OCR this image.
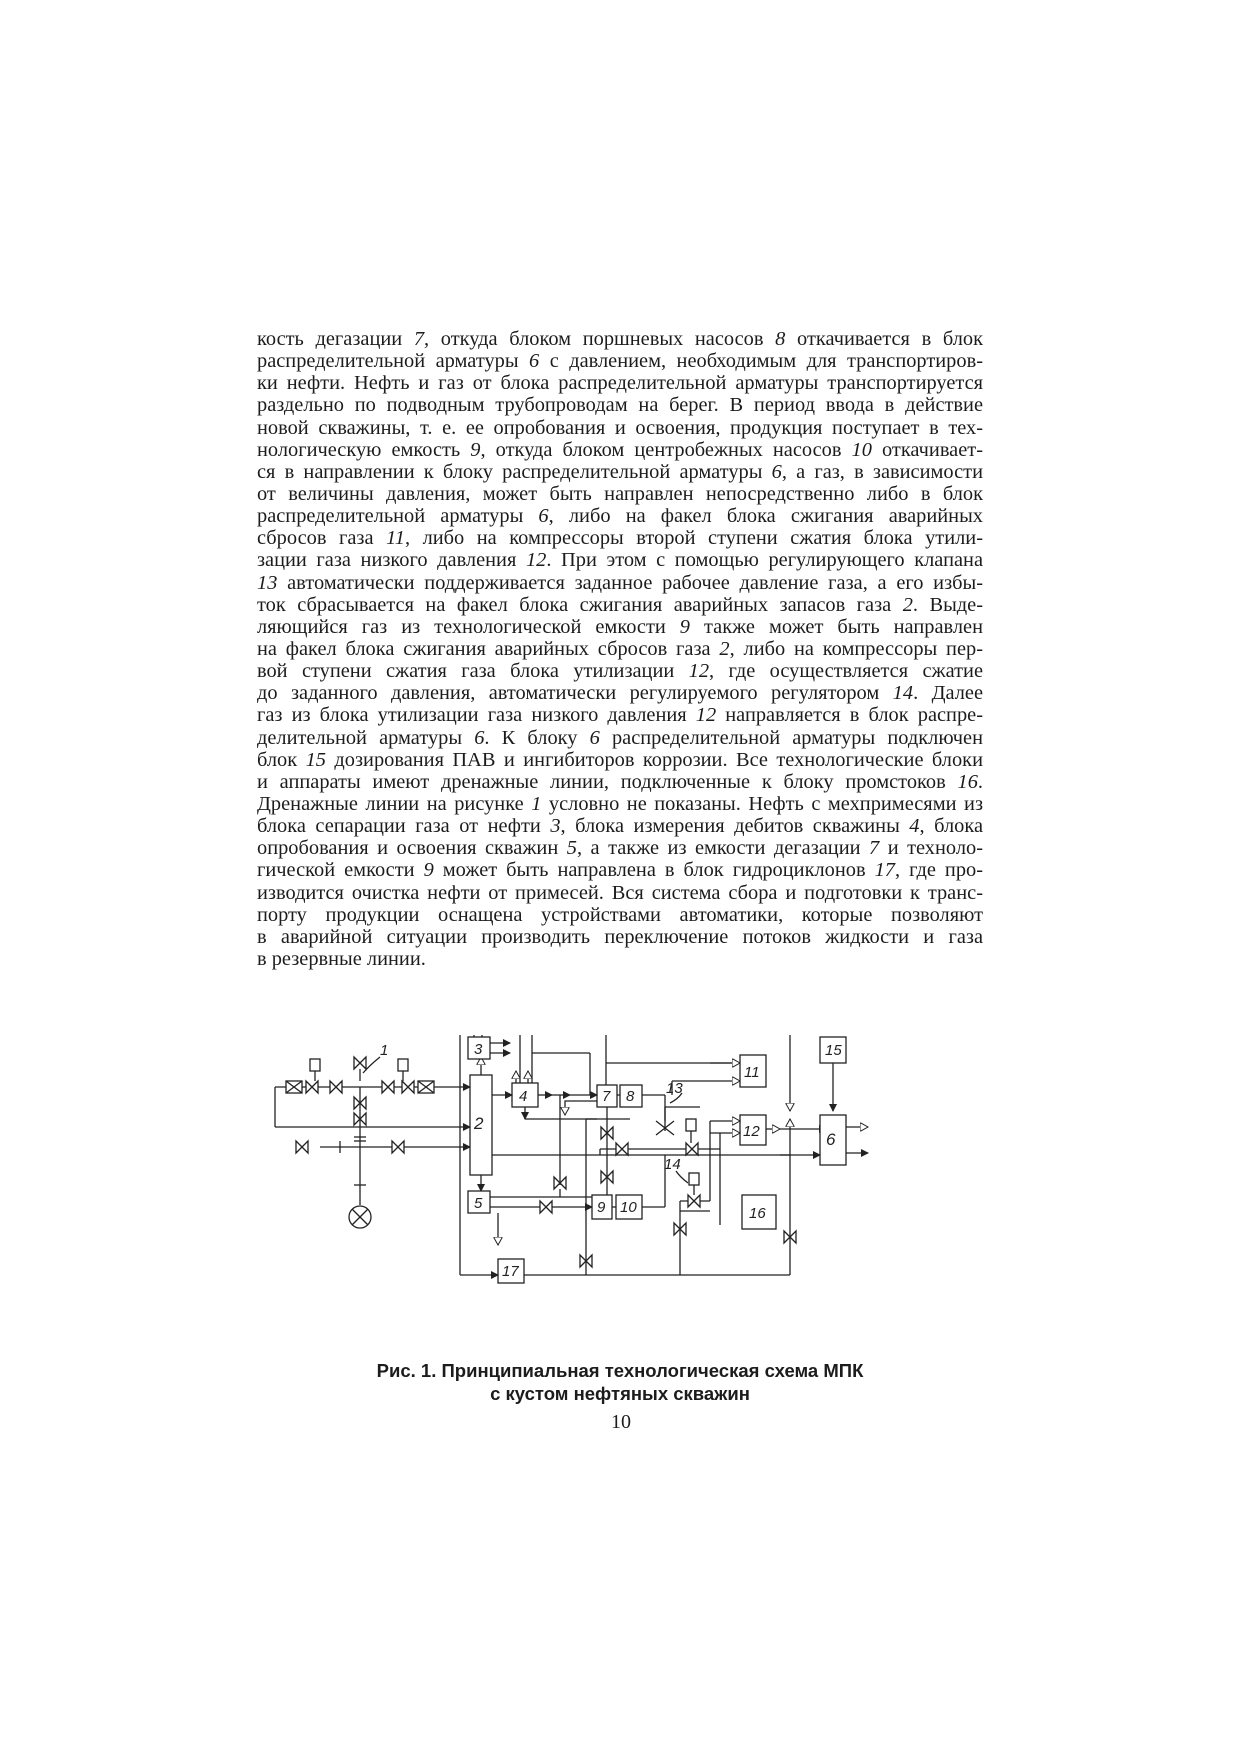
кость дегазации 7, откуда блоком поршневых насосов 8 откачивается в блок
распределительной арматуры 6 с давлением, необходимым для транспортиров-
ки нефти. Нефть и газ от блока распределительной арматуры транспортируется
раздельно по подводным трубопроводам на берег. В период ввода в действие
новой скважины, т. е. ее опробования и освоения, продукция поступает в тех-
нологическую емкость 9, откуда блоком центробежных насосов 10 откачивает-
ся в направлении к блоку распределительной арматуры 6, а газ, в зависимости
от величины давления, может быть направлен непосредственно либо в блок
распределительной арматуры 6, либо на факел блока сжигания аварийных
сбросов газа 11, либо на компрессоры второй ступени сжатия блока утили-
зации газа низкого давления 12. При этом с помощью регулирующего клапана
13 автоматически поддерживается заданное рабочее давление газа, а его избы-
ток сбрасывается на факел блока сжигания аварийных запасов газа 2. Выде-
ляющийся газ из технологической емкости 9 также может быть направлен
на факел блока сжигания аварийных сбросов газа 2, либо на компрессоры пер-
вой ступени сжатия газа блока утилизации 12, где осуществляется сжатие
до заданного давления, автоматически регулируемого регулятором 14. Далее
газ из блока утилизации газа низкого давления 12 направляется в блок распре-
делительной арматуры 6. К блоку 6 распределительной арматуры подключен
блок 15 дозирования ПАВ и ингибиторов коррозии. Все технологические блоки
и аппараты имеют дренажные линии, подключенные к блоку промстоков 16.
Дренажные линии на рисунке 1 условно не показаны. Нефть с мехпримесями из
блока сепарации газа от нефти 3, блока измерения дебитов скважины 4, блока
опробования и освоения скважин 5, а также из емкости дегазации 7 и техноло-
гической емкости 9 может быть направлена в блок гидроциклонов 17, где про-
изводится очистка нефти от примесей. Вся система сбора и подготовки к транс-
порту продукции оснащена устройствами автоматики, которые позволяют
в аварийной ситуации производить переключение потоков жидкости и газа
в резервные линии.
1
2
3
4	7 8
11
12
13
15
6
5	9 10
14
16
17
Рис. 1. Принципиальная технологическая схема МПК
с кустом нефтяных скважин
10
